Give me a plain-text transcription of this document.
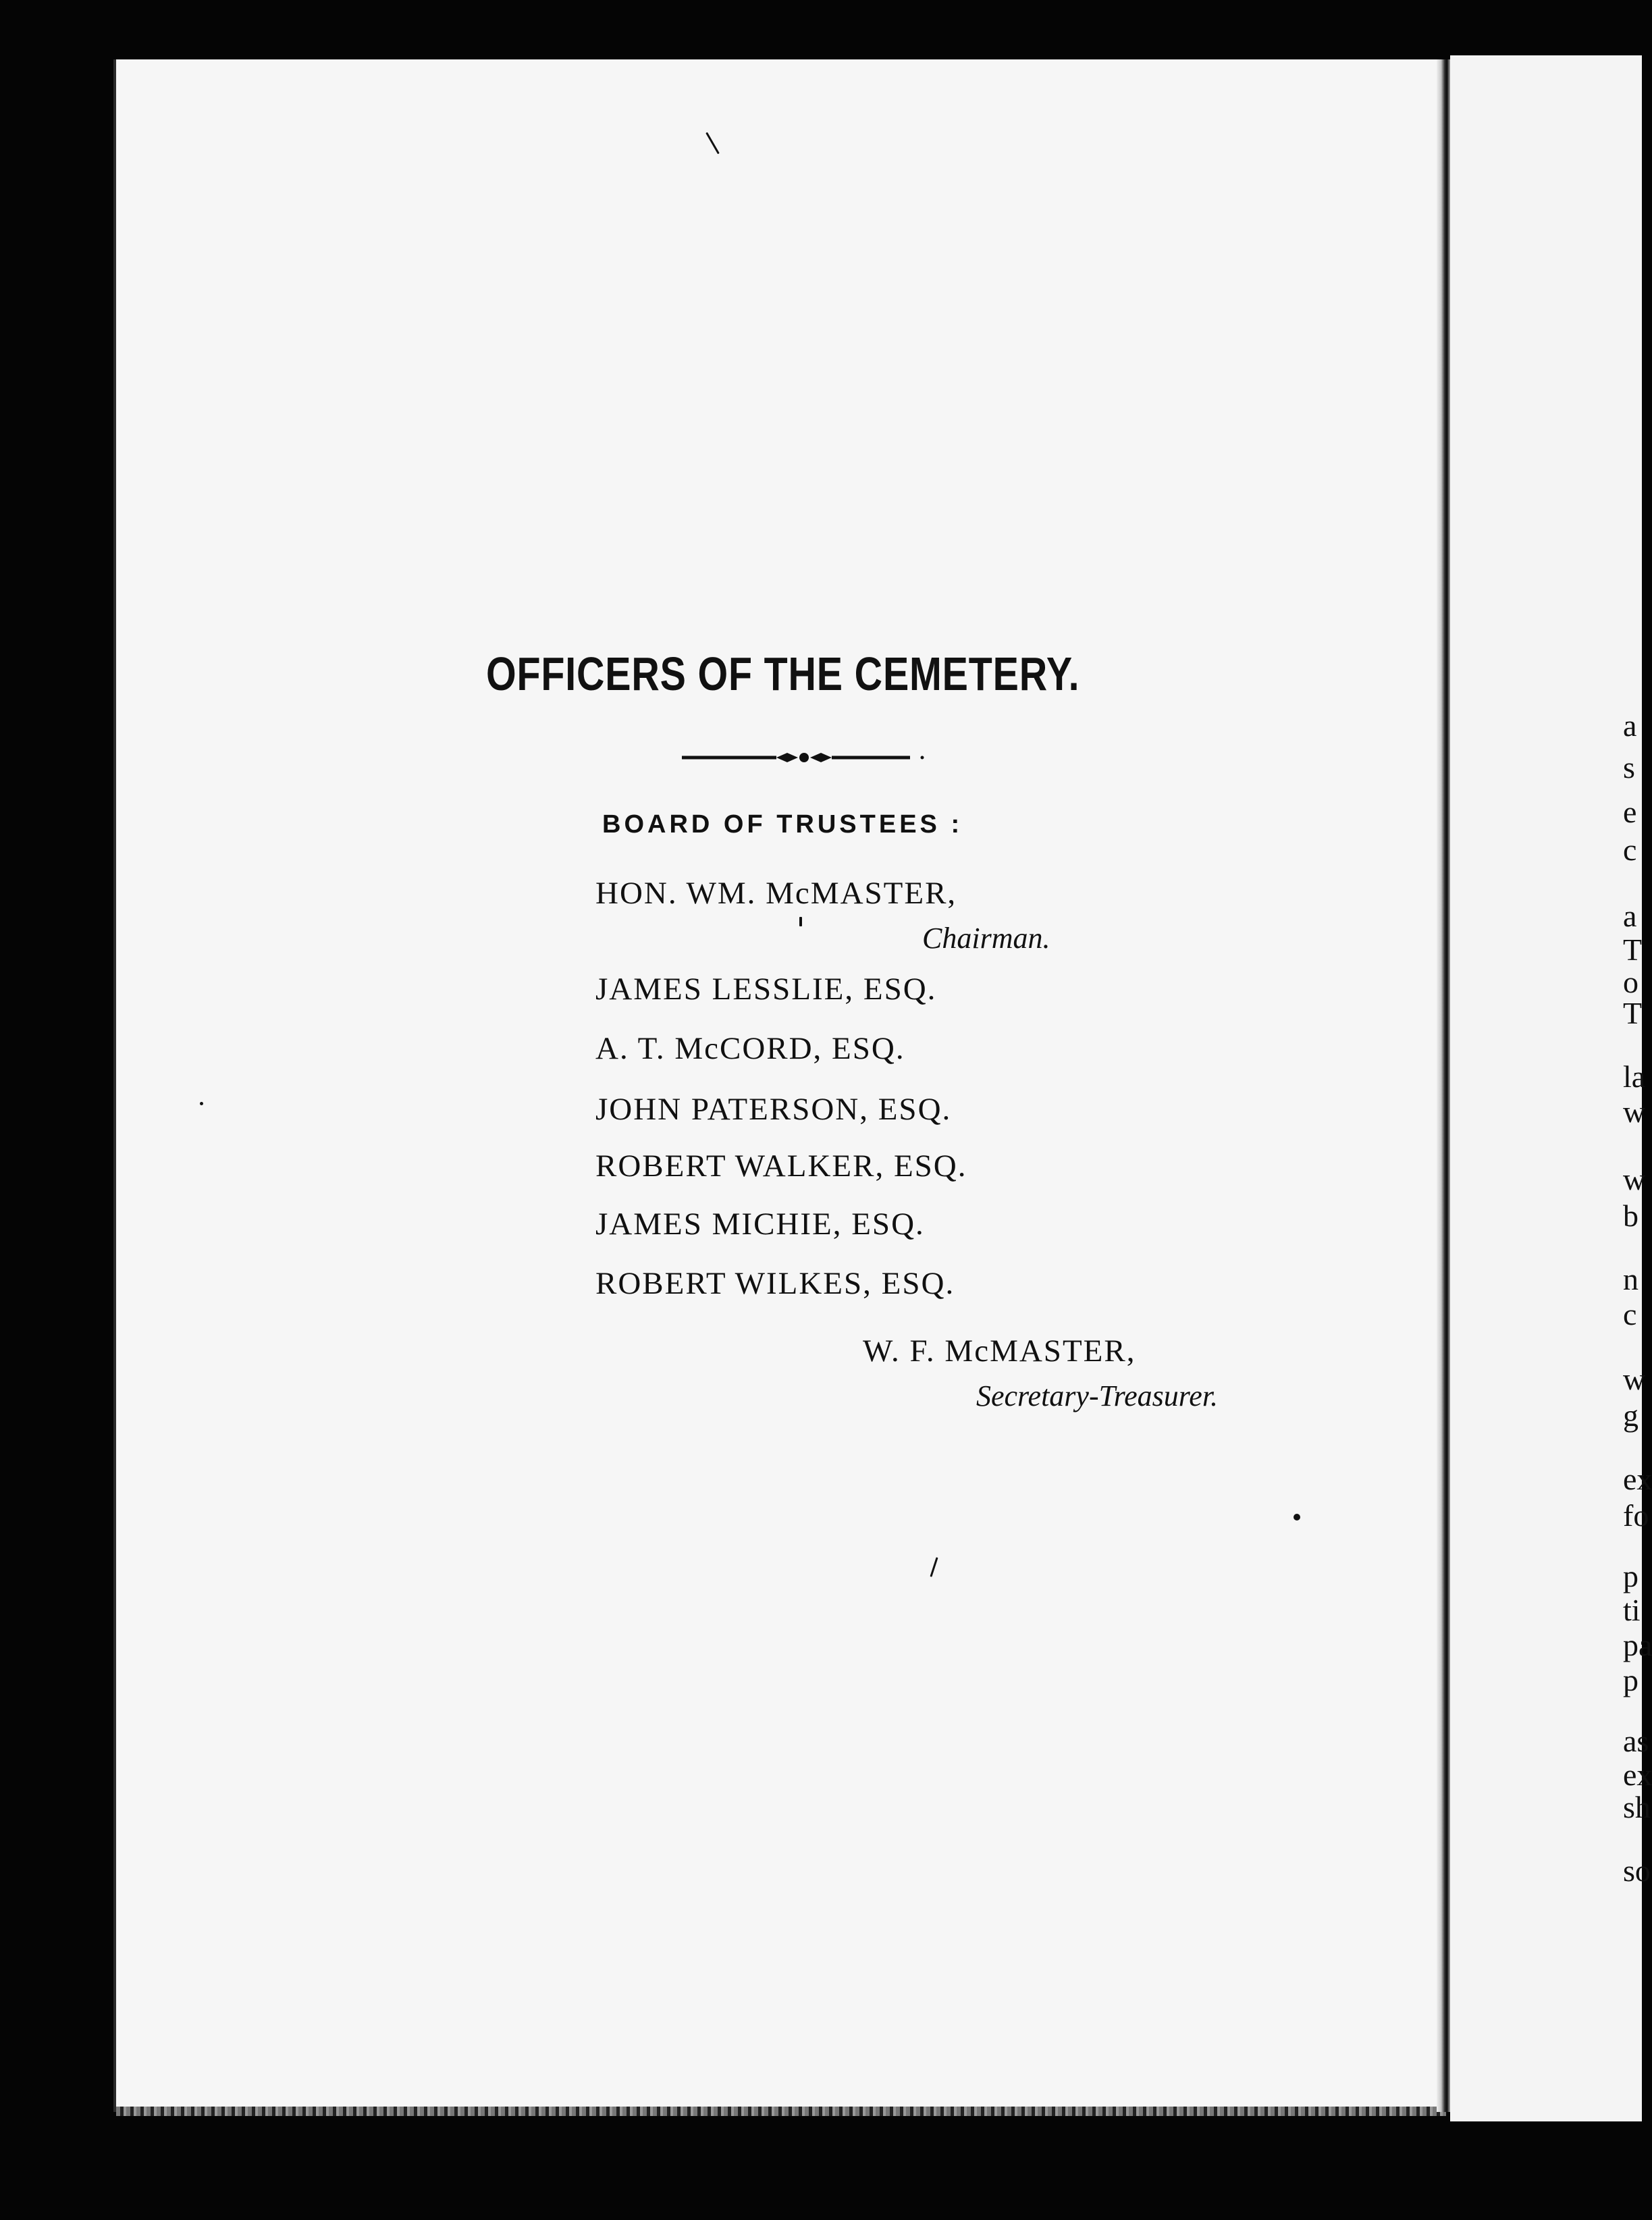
OFFICERS OF THE CEMETERY.
BOARD OF TRUSTEES :
HON. WM. McMASTER,
Chairman.
JAMES LESSLIE, ESQ.
A. T. McCORD, ESQ.
JOHN PATERSON, ESQ.
ROBERT WALKER, ESQ.
JAMES MICHIE, ESQ.
ROBERT WILKES, ESQ.
W. F. McMASTER,
Secretary-Treasurer.
a
s
e
c
a
T
o
T
la
w
w
b
n
c
w
g
ex
fo
p
ti
pa
p
as
ex
sh
so
